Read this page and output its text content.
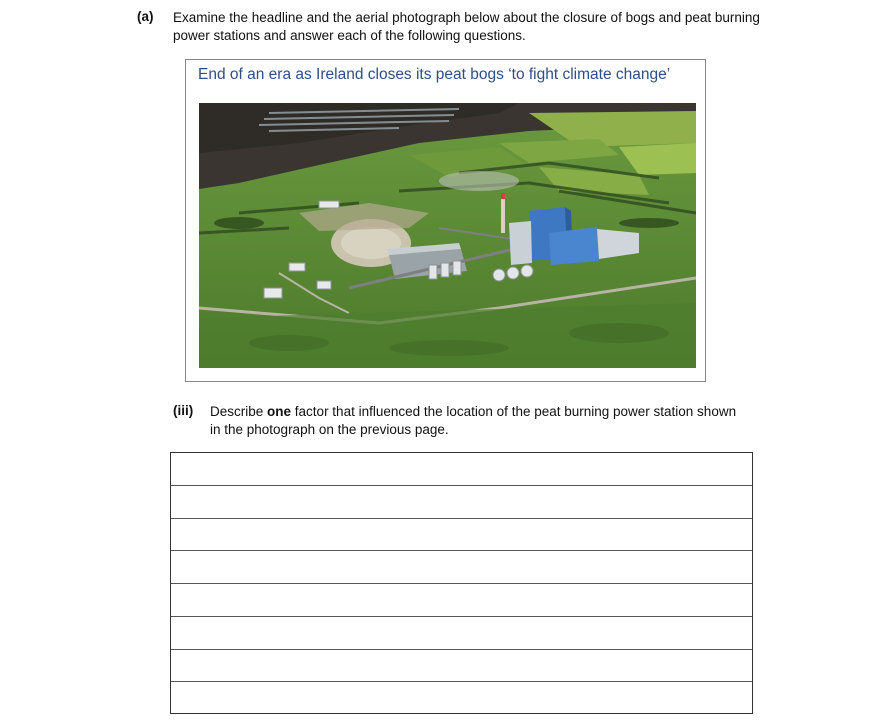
(a) Examine the headline and the aerial photograph below about the closure of bogs and peat burning power stations and answer each of the following questions.
End of an era as Ireland closes its peat bogs ‘to fight climate change’
(iii) Describe one factor that influenced the location of the peat burning power station shown in the photograph on the previous page.
